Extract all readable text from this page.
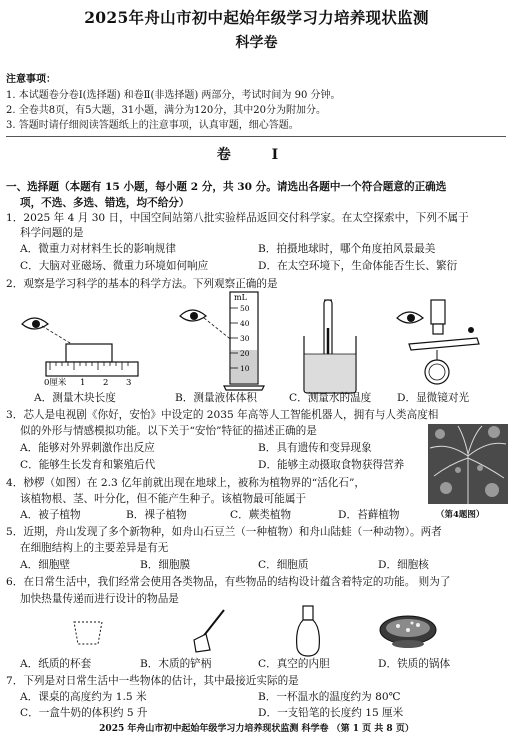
2025年舟山市初中起始年级学习力培养现状监测
科学卷
注意事项：
1. 本试题卷分卷Ⅰ(选择题) 和卷Ⅱ(非选择题) 两部分，考试时间为 90 分钟。
2. 全卷共8页，有5大题，31小题，满分为120分，其中20分为附加分。
3. 答题时请仔细阅读答题纸上的注意事项，认真审题，细心答题。
卷 Ⅰ
一、选择题（本题有 15 小题，每小题 2 分，共 30 分。请选出各题中一个符合题意的正确选
项，不选、多选、错选，均不给分）
1．2025 年 4 月 30 日，中国空间站第八批实验样品返回交付科学家。在太空探索中，下列不属于
科学问题的是
A．微重力对材料生长的影响规律	B．拍摄地球时，哪个角度拍风景最美
C．大脑对亚磁场、微重力环境如何响应	D．在太空环境下，生命体能否生长、繁衍
2．观察是学习科学的基本的科学方法。下列观察正确的是
0厘米 1 2 3
mL
50
40
30
20
10
A．测量木块长度	B．测量液体体积	C．测量水的温度 D．显微镜对光
3．芯人是电视剧《你好，安怡》中设定的 2035 年高等人工智能机器人，拥有与人类高度相
似的外形与情感模拟功能。以下关于“安怡”特征的描述正确的是
A．能够对外界刺激作出反应	B．具有遗传和变异现象
C．能够生长发育和繁殖后代	D．能够主动摄取食物获得营养
（第4题图）
4．桫椤（如图）在 2.3 亿年前就出现在地球上，被称为植物界的“活化石”，
该植物根、茎、叶分化，但不能产生种子。该植物最可能属于
A．被子植物	B．裸子植物	C．蕨类植物	D．苔藓植物
5．近期，舟山发现了多个新物种，如舟山石豆兰（一种植物）和舟山陆蛙（一种动物）。两者
在细胞结构上的主要差异是有无
A．细胞壁	B．细胞膜	C．细胞质	D．细胞核
6．在日常生活中，我们经常会使用各类物品，有些物品的结构设计蕴含着特定的功能。 则为了
加快热量传递而进行设计的物品是
A．纸质的杯套	B．木质的铲柄	C．真空的内胆	D．铁质的锅体
7．下列是对日常生活中一些物体的估计，其中最接近实际的是
A．课桌的高度约为 1.5 米	B．一杯温水的温度约为 80℃
C．一盒牛奶的体积约 5 升	D．一支铅笔的长度约 15 厘米
2025 年舟山市初中起始年级学习力培养现状监测 科学卷 （第 1 页 共 8 页）
